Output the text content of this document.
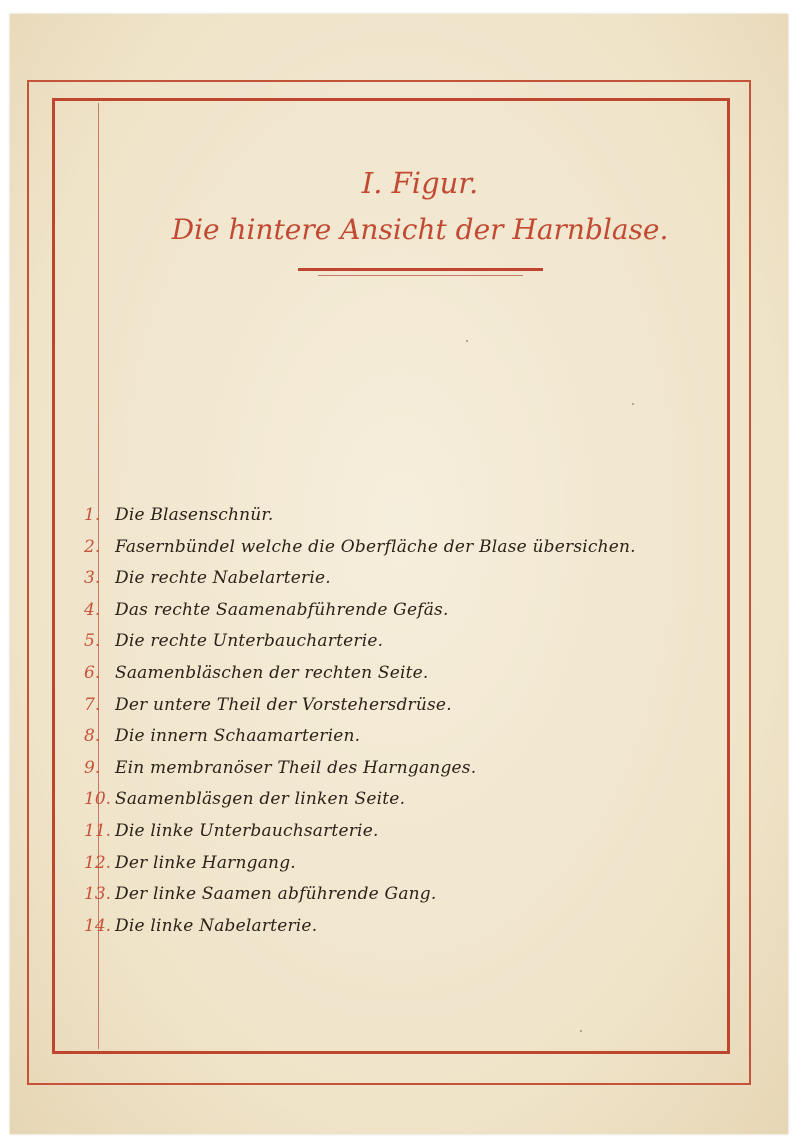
I. Figur.
Die hintere Ansicht der Harnblase.
1. Die Blasenschnür.
2. Fasernbündel welche die Oberfläche der Blase übersichen.
3. Die rechte Nabelarterie.
4. Das rechte Saamenabführende Gefäs.
5. Die rechte Unterbaucharterie.
6. Saamenbläschen der rechten Seite.
7. Der untere Theil der Vorstehersdrüse.
8. Die innern Schaamarterien.
9. Ein membranöser Theil des Harnganges.
10. Saamenbläsgen der linken Seite.
11. Die linke Unterbauchsarterie.
12. Der linke Harngang.
13. Der linke Saamen abführende Gang.
14. Die linke Nabelarterie.
